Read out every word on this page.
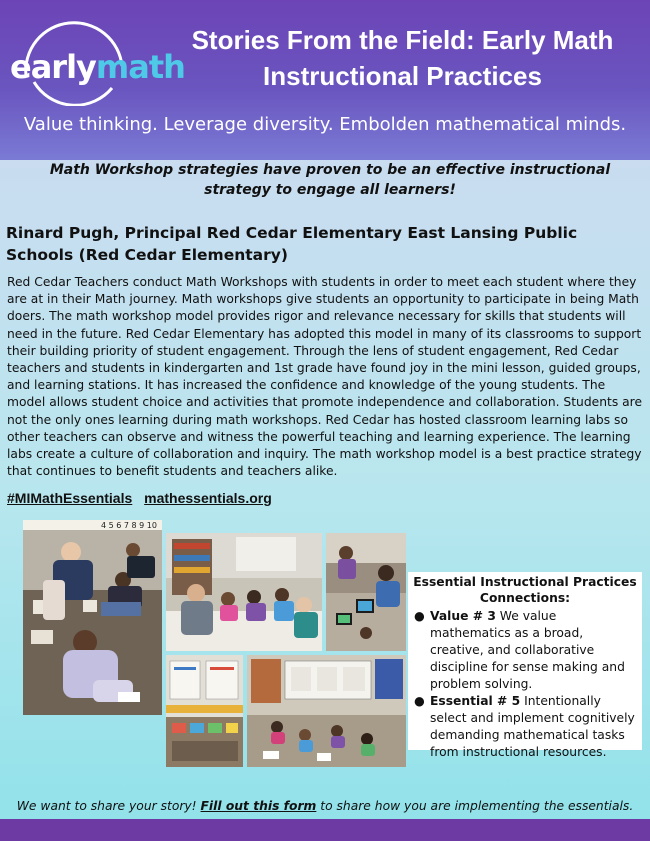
earlymath
Stories From the Field: Early Math Instructional Practices
Value thinking. Leverage diversity. Embolden mathematical minds.
Math Workshop strategies have proven to be an effective instructional strategy to engage all learners!
Rinard Pugh, Principal Red Cedar Elementary East Lansing Public Schools (Red Cedar Elementary)
Red Cedar Teachers conduct Math Workshops with students in order to meet each student where they are at in their Math journey. Math workshops give students an opportunity to participate in being Math doers. The math workshop model provides rigor and relevance necessary for skills that students will need in the future. Red Cedar Elementary has adopted this model in many of its classrooms to support their building priority of student engagement. Through the lens of student engagement, Red Cedar teachers and students in kindergarten and 1st grade have found joy in the mini lesson, guided groups, and learning stations. It has increased the confidence and knowledge of the young students. The model allows student choice and activities that promote independence and collaboration. Students are not the only ones learning during math workshops. Red Cedar has hosted classroom learning labs so other teachers can observe and witness the powerful teaching and learning experience. The learning labs create a culture of collaboration and inquiry. The math workshop model is a best practice strategy that continues to benefit students and teachers alike.
#MIMathEssentials mathessentials.org
4 5 6 7 8 9 10
Essential Instructional Practices Connections:
● Value # 3 We value mathematics as a broad, creative, and collaborative discipline for sense making and problem solving.
● Essential # 5 Intentionally select and implement cognitively demanding mathematical tasks from instructional resources.
We want to share your story! Fill out this form to share how you are implementing the essentials.
